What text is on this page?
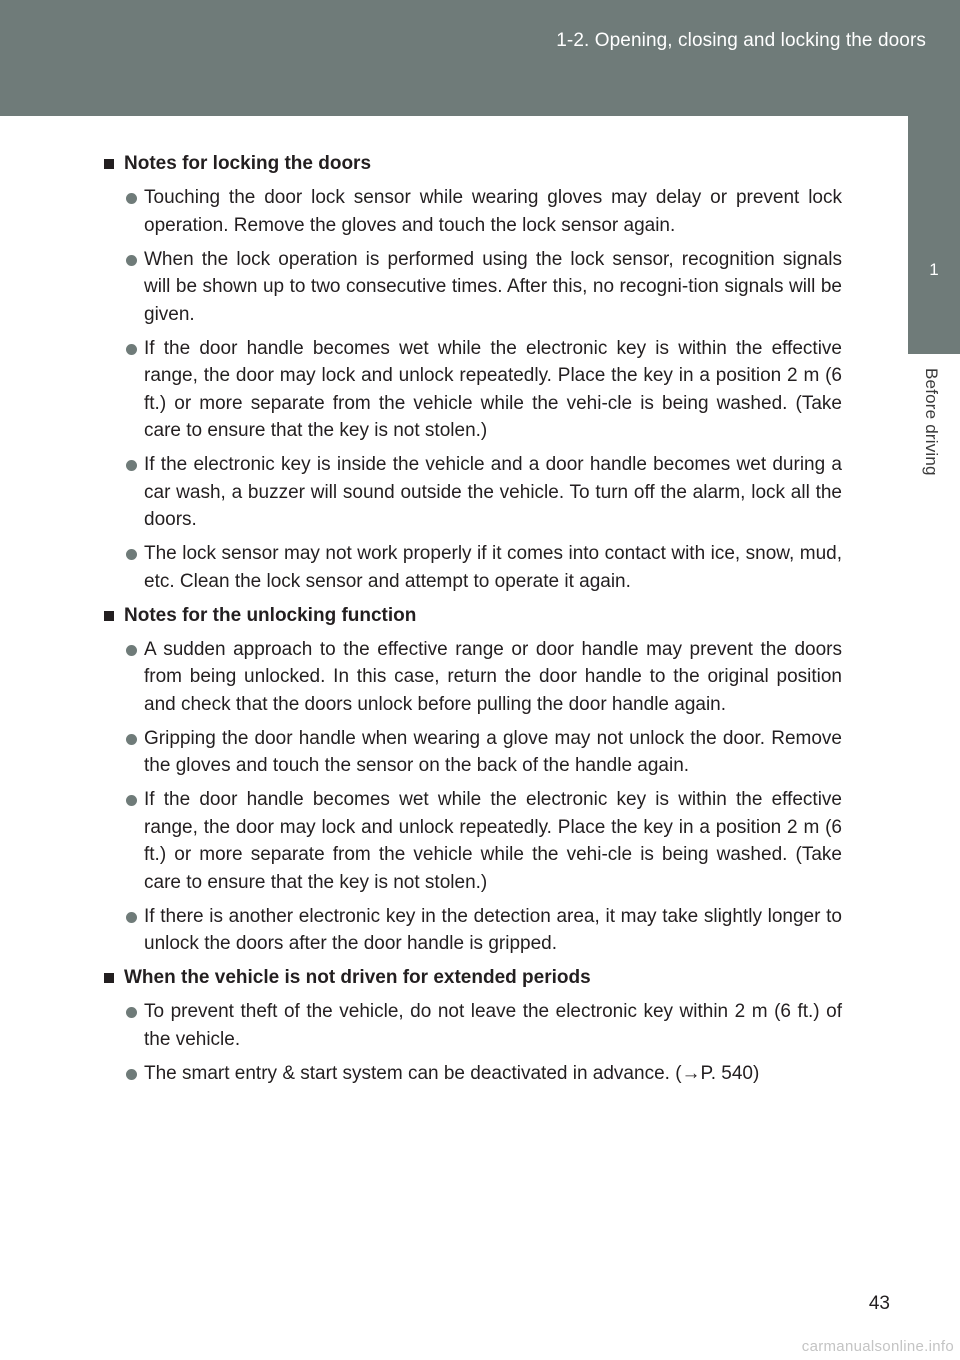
1-2. Opening, closing and locking the doors
1
Before driving
Notes for locking the doors
Touching the door lock sensor while wearing gloves may delay or prevent lock operation. Remove the gloves and touch the lock sensor again.
When the lock operation is performed using the lock sensor, recognition signals will be shown up to two consecutive times. After this, no recogni-tion signals will be given.
If the door handle becomes wet while the electronic key is within the effective range, the door may lock and unlock repeatedly. Place the key in a position 2 m (6 ft.) or more separate from the vehicle while the vehi-cle is being washed. (Take care to ensure that the key is not stolen.)
If the electronic key is inside the vehicle and a door handle becomes wet during a car wash, a buzzer will sound outside the vehicle. To turn off the alarm, lock all the doors.
The lock sensor may not work properly if it comes into contact with ice, snow, mud, etc. Clean the lock sensor and attempt to operate it again.
Notes for the unlocking function
A sudden approach to the effective range or door handle may prevent the doors from being unlocked. In this case, return the door handle to the original position and check that the doors unlock before pulling the door handle again.
Gripping the door handle when wearing a glove may not unlock the door. Remove the gloves and touch the sensor on the back of the handle again.
If the door handle becomes wet while the electronic key is within the effective range, the door may lock and unlock repeatedly. Place the key in a position 2 m (6 ft.) or more separate from the vehicle while the vehi-cle is being washed. (Take care to ensure that the key is not stolen.)
If there is another electronic key in the detection area, it may take slightly longer to unlock the doors after the door handle is gripped.
When the vehicle is not driven for extended periods
To prevent theft of the vehicle, do not leave the electronic key within 2 m (6 ft.) of the vehicle.
The smart entry & start system can be deactivated in advance. (→P. 540)
43
carmanualsonline.info
